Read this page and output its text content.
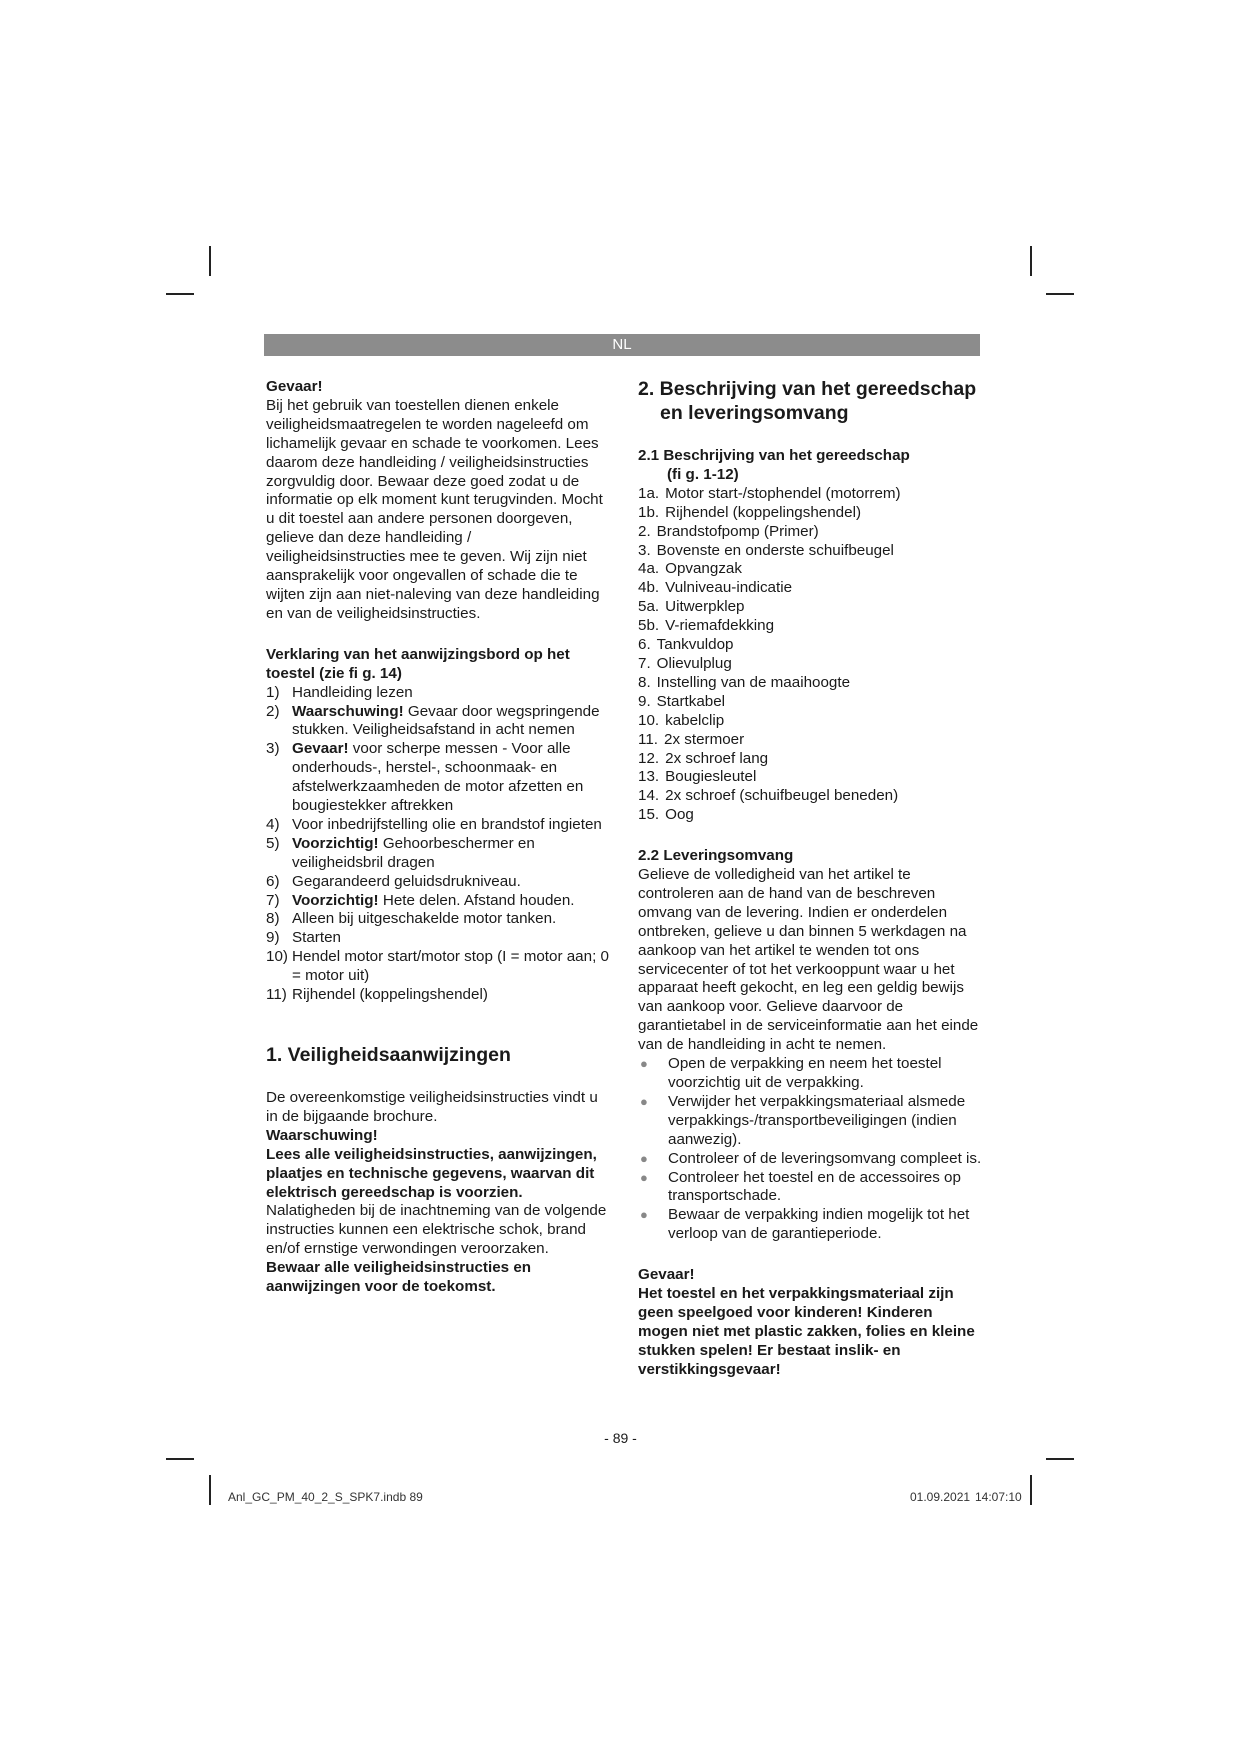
NL

Gevaar!

Bij het gebruik van toestellen dienen enkele veiligheidsmaatregelen te worden nageleefd om lichamelijk gevaar en schade te voorkomen. Lees daarom deze handleiding / veiligheidsinstructies zorgvuldig door. Bewaar deze goed zodat u de informatie op elk moment kunt terugvinden. Mocht u dit toestel aan andere personen doorgeven, gelieve dan deze handleiding / veiligheidsinstructies mee te geven. Wij zijn niet aansprakelijk voor ongevallen of schade die te wijten zijn aan niet-naleving van deze handleiding en van de veiligheidsinstructies.

Verklaring van het aanwijzingsbord op het toestel (zie fi g. 14)

1) Handleiding lezen
2) Waarschuwing! Gevaar door wegspringende stukken. Veiligheidsafstand in acht nemen
3) Gevaar! voor scherpe messen - Voor alle onderhouds-, herstel-, schoonmaak- en afstelwerkzaamheden de motor afzetten en bougiestekker aftrekken
4) Voor inbedrijfstelling olie en brandstof ingieten
5) Voorzichtig! Gehoorbeschermer en veiligheidsbril dragen
6) Gegarandeerd geluidsdrukniveau.
7) Voorzichtig! Hete delen. Afstand houden.
8) Alleen bij uitgeschakelde motor tanken.
9) Starten
10) Hendel motor start/motor stop (I = motor aan; 0 = motor uit)
11) Rijhendel (koppelingshendel)

1. Veiligheidsaanwijzingen

De overeenkomstige veiligheidsinstructies vindt u in de bijgaande brochure.

Waarschuwing!

Lees alle veiligheidsinstructies, aanwijzingen, plaatjes en technische gegevens, waarvan dit elektrisch gereedschap is voorzien.

Nalatigheden bij de inachtneming van de volgende instructies kunnen een elektrische schok, brand en/of ernstige verwondingen veroorzaken.

Bewaar alle veiligheidsinstructies en aanwijzingen voor de toekomst.

2. Beschrijving van het gereedschap
en leveringsomvang

2.1 Beschrijving van het gereedschap
(fi g. 1-12)

1a. Motor start-/stophendel (motorrem)
1b. Rijhendel (koppelingshendel)
2. Brandstofpomp (Primer)
3. Bovenste en onderste schuifbeugel
4a. Opvangzak
4b. Vulniveau-indicatie
5a. Uitwerpklep
5b. V-riemafdekking
6. Tankvuldop
7. Olievulplug
8. Instelling van de maaihoogte
9. Startkabel
10. kabelclip
11. 2x stermoer
12. 2x schroef lang
13. Bougiesleutel
14. 2x schroef (schuifbeugel beneden)
15. Oog

2.2 Leveringsomvang

Gelieve de volledigheid van het artikel te controleren aan de hand van de beschreven omvang van de levering. Indien er onderdelen ontbreken, gelieve u dan binnen 5 werkdagen na aankoop van het artikel te wenden tot ons servicecenter of tot het verkooppunt waar u het apparaat heeft gekocht, en leg een geldig bewijs van aankoop voor. Gelieve daarvoor de garantietabel in de serviceinformatie aan het einde van de handleiding in acht te nemen.

●	Open de verpakking en neem het toestel voorzichtig uit de verpakking.
●	Verwijder het verpakkingsmateriaal alsmede verpakkings-/transportbeveiligingen (indien aanwezig).
●	Controleer of de leveringsomvang compleet is.
●	Controleer het toestel en de accessoires op transportschade.
●	Bewaar de verpakking indien mogelijk tot het verloop van de garantieperiode.

Gevaar!

Het toestel en het verpakkingsmateriaal zijn geen speelgoed voor kinderen! Kinderen mogen niet met plastic zakken, folies en kleine stukken spelen! Er bestaat inslik- en verstikkingsgevaar!

- 89 -
Anl_GC_PM_40_2_S_SPK7.indb 89	01.09.2021 14:07:10
